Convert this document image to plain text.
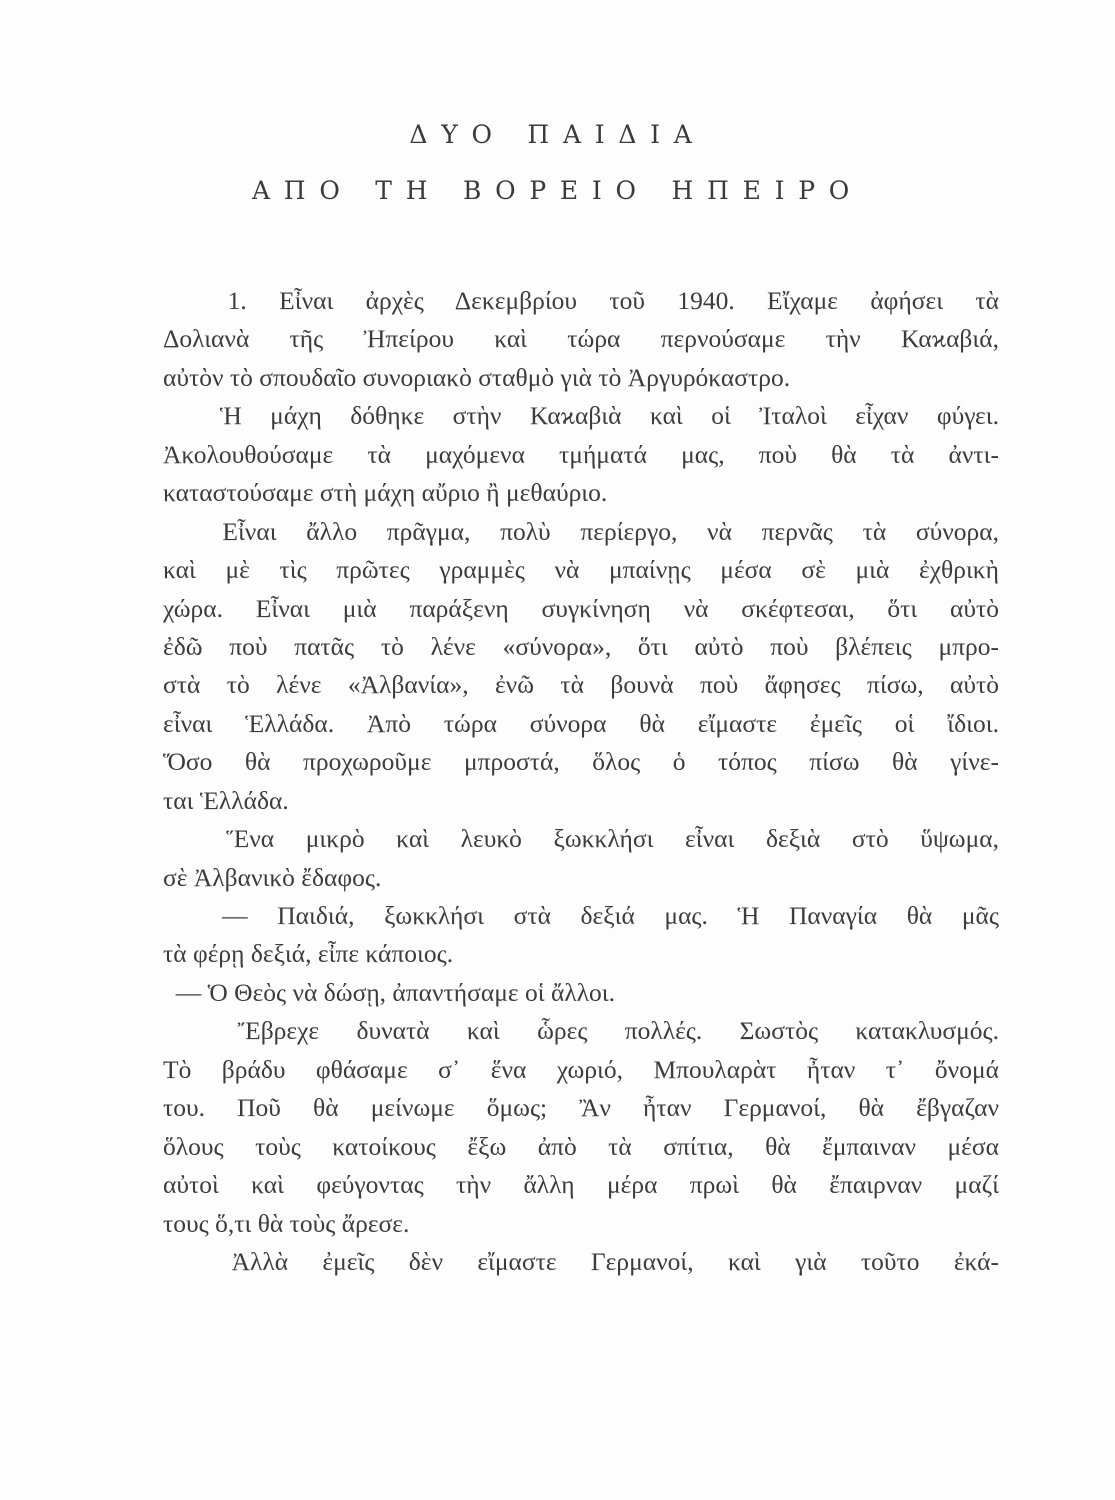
ΔΥΟ ΠΑΙΔΙΑ
ΑΠΟ ΤΗ ΒΟΡΕΙΟ ΗΠΕΙΡΟ
1. Εἶναι ἀρχὲς Δεκεμβρίου τοῦ 1940. Εἴχαμε ἀφήσει τὰ
Δολιανὰ τῆς Ἠπείρου καὶ τώρα περνούσαμε τὴν Καϰαβιά,
αὐτὸν τὸ σπουδαῖο συνοριακὸ σταθμὸ γιὰ τὸ Ἀργυρόκαστρο.
Ἡ μάχη δόθηκε στὴν Καϰαβιὰ καὶ οἱ Ἰταλοὶ εἶχαν φύγει.
Ἀκολουθούσαμε τὰ μαχόμενα τμήματά μας, ποὺ θὰ τὰ ἀντι-
καταστούσαμε στὴ μάχη αὔριο ἢ μεθαύριο.
Εἶναι ἄλλο πρᾶγμα, πολὺ περίεργο, νὰ περνᾶς τὰ σύνορα,
καὶ μὲ τὶς πρῶτες γραμμὲς νὰ μπαίνῃς μέσα σὲ μιὰ ἐχθρικὴ
χώρα. Εἶναι μιὰ παράξενη συγκίνηση νὰ σκέφτεσαι, ὅτι αὐτὸ
ἐδῶ ποὺ πατᾶς τὸ λένε «σύνορα», ὅτι αὐτὸ ποὺ βλέπεις μπρο-
στὰ τὸ λένε «Ἀλβανία», ἐνῶ τὰ βουνὰ ποὺ ἄφησες πίσω, αὐτὸ
εἶναι Ἑλλάδα. Ἀπὸ τώρα σύνορα θὰ εἴμαστε ἐμεῖς οἱ ἴδιοι.
Ὅσο θὰ προχωροῦμε μπροστά, ὅλος ὁ τόπος πίσω θὰ γίνε-
ται Ἑλλάδα.
Ἕνα μικρὸ καὶ λευκὸ ξωκκλήσι εἶναι δεξιὰ στὸ ὕψωμα,
σὲ Ἀλβανικὸ ἔδαφος.
— Παιδιά, ξωκκλήσι στὰ δεξιά μας. Ἡ Παναγία θὰ μᾶς
τὰ φέρῃ δεξιά, εἶπε κάποιος.
— Ὁ Θεὸς νὰ δώσῃ, ἀπαντήσαμε οἱ ἄλλοι.
Ἔβρεχε δυνατὰ καὶ ὧρες πολλές. Σωστὸς κατακλυσμός.
Τὸ βράδυ φθάσαμε σ᾽ ἕνα χωριό, Μπουλαρὰτ ἦταν τ᾽ ὄνομά
του. Ποῦ θὰ μείνωμε ὅμως; Ἂν ἦταν Γερμανοί, θὰ ἔβγαζαν
ὅλους τοὺς κατοίκους ἔξω ἀπὸ τὰ σπίτια, θὰ ἔμπαιναν μέσα
αὐτοὶ καὶ φεύγοντας τὴν ἄλλη μέρα πρωὶ θὰ ἔπαιρναν μαζί
τους ὅ,τι θὰ τοὺς ἄρεσε.
Ἀλλὰ ἐμεῖς δὲν εἴμαστε Γερμανοί, καὶ γιὰ τοῦτο ἐκά-
